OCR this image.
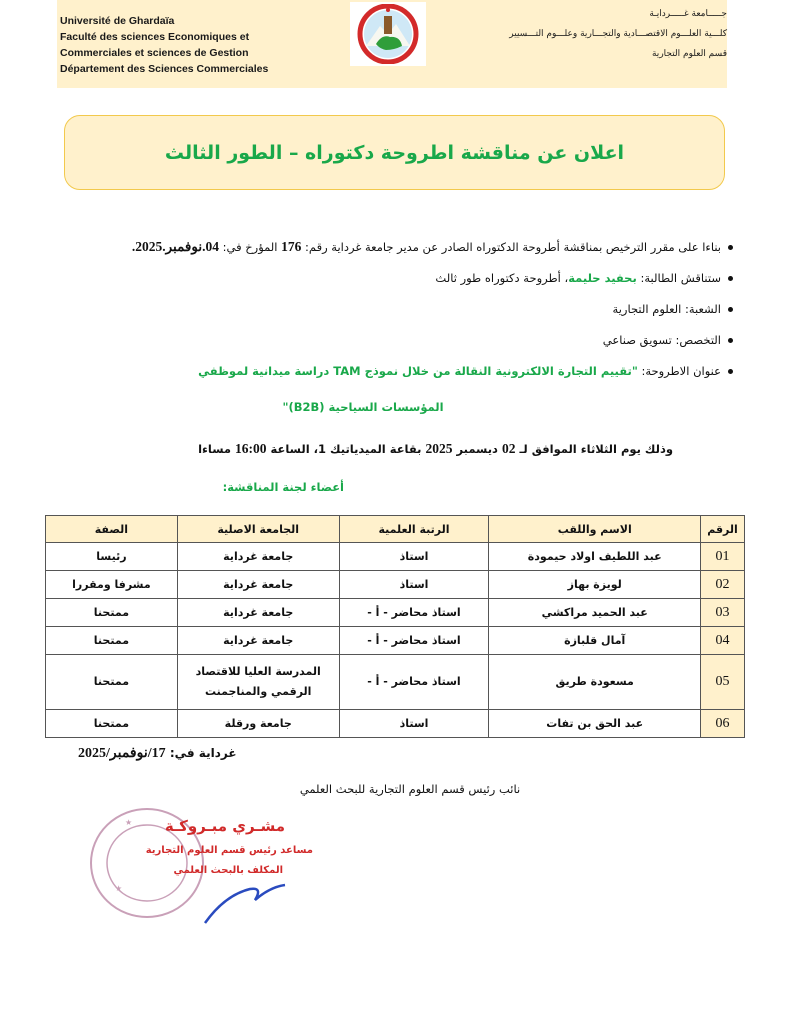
Université de Ghardaïa
Faculté des sciences Economiques et
Commerciales et sciences de Gestion
Département des Sciences Commerciales
جـــــامعة غـــــردايـة
كلـــية العلـــوم الاقتصـــادية والتجـــارية وعلـــوم التـــسيير
قسم العلوم التجارية
اعلان عن مناقشة اطروحة دكتوراه – الطور الثالث
بناءا على مقرر الترخيص بمناقشة أطروحة الدكتوراه الصادر عن مدير جامعة غرداية رقم: 176 المؤرخ في: 04.نوفمبر.2025.
ستناقش الطالبة: بحفيد حليمة، أطروحة دكتوراه طور ثالث
الشعبة: العلوم التجارية
التخصص: تسويق صناعي
عنوان الاطروحة: "تقييم التجارة الالكترونية النقالة من خلال نموذج TAM دراسة ميدانية لموظفي
المؤسسات السياحية (B2B)"
وذلك يوم الثلاثاء الموافق لـ 02 ديسمبر 2025 بقاعة الميدياتيك 1، الساعة 16:00 مساءا
أعضاء لجنة المناقشة:
الرقم	الاسم واللقب	الرتبة العلمية	الجامعة الاصلية	الصفة
01	عبد اللطيف اولاد حيمودة	استاذ	جامعة غرداية	رئيسا
02	لويزة بهاز	استاذ	جامعة غرداية	مشرفا ومقررا
03	عبد الحميد مراكشي	استاذ محاضر - أ -	جامعة غرداية	ممتحنا
04	آمال قلبازة	استاذ محاضر - أ -	جامعة غرداية	ممتحنا
05	مسعودة طريق	استاذ محاضر - أ -	المدرسة العليا للاقتصاد
الرقمي والمناجمنت	ممتحنا
06	عبد الحق بن تفات	استاذ	جامعة ورقلة	ممتحنا
غرداية في: 17/نوفمبر/2025
نائب رئيس قسم العلوم التجارية للبحث العلمي
★
★
مشـري مبـروكـة
مساعد رئيس قسم العلوم التجارية
المكلف بالبحث العلمي
